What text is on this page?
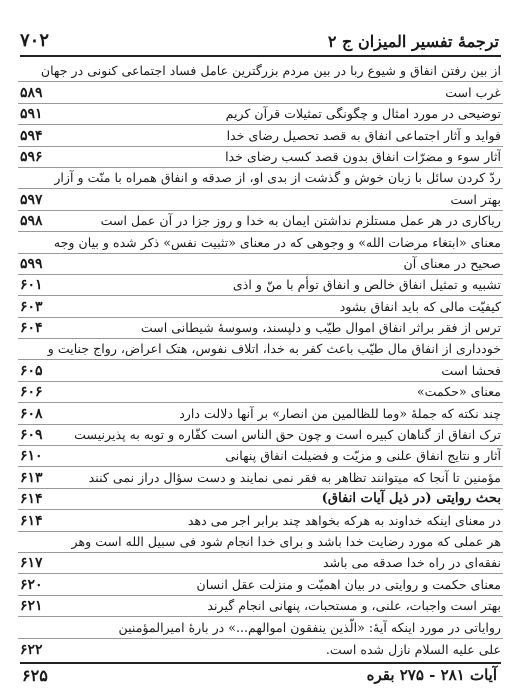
ترجمهٔ تفسیر المیزان ج ۲
۷۰۲
از بین رفتن انفاق و شیوع ربا در بین مردم بزرگترین عامل فساد اجتماعی کنونی در جهان
غرب است
۵۸۹
توضیحی در مورد امثال و چگونگی تمثیلات قرآن کریم
۵۹۱
فواید و آثار اجتماعی انفاق به قصد تحصیل رضای خدا
۵۹۴
آثار سوء و مضرّات انفاق بدون قصد کسب رضای خدا
۵۹۶
ردّ کردن سائل با زبان خوش و گذشت از بدی او، از صدقه و انفاق همراه با منّت و آزار
بهتر است
۵۹۷
ریاکاری در هر عمل مستلزم نداشتن ایمان به خدا و روز جزا در آن عمل است
۵۹۸
معنای «ابتغاء مرضات الله» و وجوهی که در معنای «تثبیت نفس» ذکر شده و بیان وجه
صحیح در معنای آن
۵۹۹
تشبیه و تمثیل انفاق خالص و انفاق توأم با منّ و اذی
۶۰۱
کیفیّت مالی که باید انفاق بشود
۶۰۳
ترس از فقر براثر انفاق اموال طیّب و دلپسند، وسوسهٔ شیطانی است
۶۰۴
خودداری از انفاق مال طیّب باعث کفر به خدا، اتلاف نفوس، هتک اعراض، رواج جنایت و
فحشا است
۶۰۵
معنای «حکمت»
۶۰۶
چند نکته که جملهٔ «وما للظالمین من انصار» بر آنها دلالت دارد
۶۰۸
ترک انفاق از گناهان کبیره است و چون حق الناس است کفّاره و توبه به پذیرنیست
۶۰۹
آثار و نتایج انفاق علنی و مزیّت و فضیلت انفاق پنهانی
۶۱۰
مؤمنین تا آنجا که میتوانند تظاهر به فقر نمی نمایند و دست سؤال دراز نمی کنند
۶۱۳
بحث روایتی (در ذیل آیات انفاق)
۶۱۴
در معنای اینکه خداوند به هرکه بخواهد چند برابر اجر می دهد
۶۱۴
هر عملی که مورد رضایت خدا باشد و برای خدا انجام شود فی سبیل الله است وهر
نفقه‌ای در راه خدا صدقه می باشد
۶۱۷
معنای حکمت و روایتی در بیان اهمیّت و منزلت عقل انسان
۶۲۰
بهتر است واجبات، علنی، و مستحبات، پنهانی انجام گیرند
۶۲۱
روایاتی در مورد اینکه آیهٔ: «الّذین ینفقون اموالهم...» در بارهٔ امیرالمؤمنین
علی علیه السلام نازل شده است.
۶۲۲
آیات ۲۸۱ - ۲۷۵ بقره
۶۲۵
